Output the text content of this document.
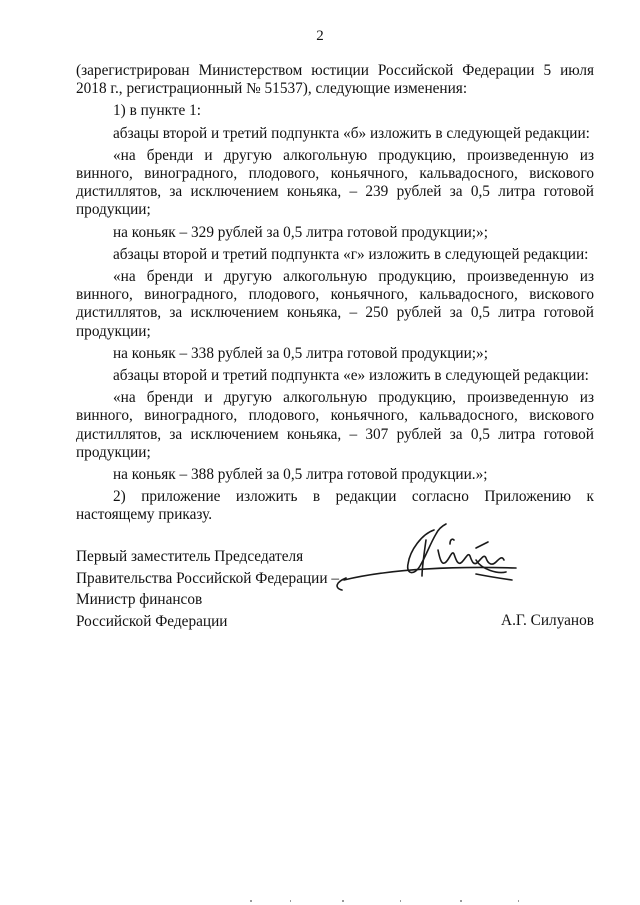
2

(зарегистрирован Министерством юстиции Российской Федерации 5 июля 2018 г., регистрационный № 51537), следующие изменения:

1) в пункте 1:

абзацы второй и третий подпункта «б» изложить в следующей редакции:

«на бренди и другую алкогольную продукцию, произведенную из винного, виноградного, плодового, коньячного, кальвадосного, вискового дистиллятов, за исключением коньяка, – 239 рублей за 0,5 литра готовой продукции;

на коньяк – 329 рублей за 0,5 литра готовой продукции;»;

абзацы второй и третий подпункта «г» изложить в следующей редакции:

«на бренди и другую алкогольную продукцию, произведенную из винного, виноградного, плодового, коньячного, кальвадосного, вискового дистиллятов, за исключением коньяка, – 250 рублей за 0,5 литра готовой продукции;

на коньяк – 338 рублей за 0,5 литра готовой продукции;»;

абзацы второй и третий подпункта «е» изложить в следующей редакции:

«на бренди и другую алкогольную продукцию, произведенную из винного, виноградного, плодового, коньячного, кальвадосного, вискового дистиллятов, за исключением коньяка, – 307 рублей за 0,5 литра готовой продукции;

на коньяк – 388 рублей за 0,5 литра готовой продукции.»;

2) приложение изложить в редакции согласно Приложению к настоящему приказу.

Первый заместитель Председателя
Правительства Российской Федерации –
Министр финансов
Российской Федерации	А.Г. Силуанов
